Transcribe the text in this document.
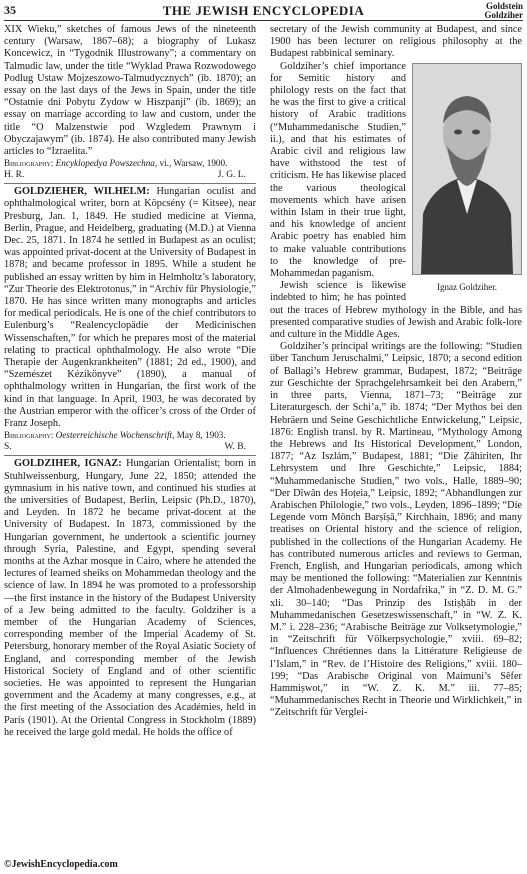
35	THE JEWISH ENCYCLOPEDIA	Goldstein
Goldziher

XIX Wieku,” sketches of famous Jews of the nineteenth century (Warsaw, 1867–68); a biography of Lukasz Koncewicz, in “Tygodnik Illustrowany”; a commentary on Talmudic law, under the title “Wyklad Prawa Rozwodowego Podlug Ustaw Mojzeszowo-Talmudycznych” (ib. 1870); an essay on the last days of the Jews in Spain, under the title “Ostatnie dni Pobytu Zydow w Hiszpanji” (ib. 1869); an essay on marriage according to law and custom, under the title “O Malzenstwie pod Wzgledem Prawnym i Obyczajawym” (ib. 1874). He also contributed many Jewish articles to “Izraelita.”

Bibliography: Encyklopedya Powszechna, vi., Warsaw, 1900.

H. R.	J. G. L.

GOLDZIEHER, WILHELM: Hungarian oculist and ophthalmological writer, born at Köpcsény (= Kitsee), near Presburg, Jan. 1, 1849. He studied medicine at Vienna, Berlin, Prague, and Heidelberg, graduating (M.D.) at Vienna Dec. 25, 1871. In 1874 he settled in Budapest as an oculist; was appointed privat-docent at the University of Budapest in 1878; and became professor in 1895. While a student he published an essay written by him in Helmholtz’s laboratory, “Zur Theorie des Elektrotonus,” in “Archiv für Physiologie,” 1870. He has since written many monographs and articles for medical periodicals. He is one of the chief contributors to Eulenburg’s “Realencyclopädie der Medicinischen Wissenschaften,” for which he prepares most of the material relating to practical ophthalmology. He also wrote “Die Therapie der Augenkrankheiten” (1881; 2d ed., 1900), and “Szemészet Kézikönyve” (1890), a manual of ophthalmology written in Hungarian, the first work of the kind in that language. In April, 1903, he was decorated by the Austrian emperor with the officer’s cross of the Order of Franz Joseph.

Bibliography: Oesterreichische Wochenschrift, May 8, 1903.

S.	W. B.

GOLDZIHER, IGNAZ: Hungarian Orientalist; born in Stuhlweissenburg, Hungary, June 22, 1850; attended the gymnasium in his native town, and continued his studies at the universities of Budapest, Berlin, Leipsic (Ph.D., 1870), and Leyden. In 1872 he became privat-docent at the University of Budapest. In 1873, commissioned by the Hungarian government, he undertook a scientific journey through Syria, Palestine, and Egypt, spending several months at the Azhar mosque in Cairo, where he attended the lectures of learned sheiks on Mohammedan theology and the science of law. In 1894 he was promoted to a professorship—the first instance in the history of the Budapest University of a Jew being admitted to the faculty. Goldziher is a member of the Hungarian Academy of Sciences, corresponding member of the Imperial Academy of St. Petersburg, honorary member of the Royal Asiatic Society of England, and corresponding member of the Jewish Historical Society of England and of other scientific societies. He was appointed to represent the Hungarian government and the Academy at many congresses, e.g., at the first meeting of the Association des Académies, held in Paris (1901). At the Oriental Congress in Stockholm (1889) he received the large gold medal. He holds the office of

secretary of the Jewish community at Budapest, and since 1900 has been lecturer on religious philosophy at the Budapest rabbinical seminary.

Ignaz Goldziher.

Goldziher’s chief importance for Semitic history and philology rests on the fact that he was the first to give a critical history of Arabic traditions (“Muhammedanische Studien,” ii.), and that his estimates of Arabic civil and religious law have withstood the test of criticism. He has likewise placed the various theological movements which have arisen within Islam in their true light, and his knowledge of ancient Arabic poetry has enabled him to make valuable contributions to the knowledge of pre-Mohammedan paganism.

Jewish science is likewise indebted to him; he has pointed out the traces of Hebrew mythology in the Bible, and has presented comparative studies of Jewish and Arabic folk-lore and culture in the Middle Ages.

Goldziher’s principal writings are the following: “Studien über Tanchum Jeruschalmi,” Leipsic, 1870; a second edition of Ballagi’s Hebrew grammar, Budapest, 1872; “Beiträge zur Geschichte der Sprachgelehrsamkeit bei den Arabern,” in three parts, Vienna, 1871–73; “Beiträge zur Literaturgesch. der Schi’a,” ib. 1874; “Der Mythos bei den Hebräern und Seine Geschichtliche Entwickelung,” Leipsic, 1876: English transl. by R. Martineau, “Mythology Among the Hebrews and Its Historical Development,” London, 1877; “Az Iszlám,” Budapest, 1881; “Die Ẓâhiriten, Ihr Lehrsystem und Ihre Geschichte,” Leipsic, 1884; “Muhammedanische Studien,” two vols., Halle, 1889–90; “Der Dîwân des Hoṭeia,” Leipsic, 1892; “Abhandlungen zur Arabischen Philologie,” two vols., Leyden, 1896–1899; “Die Legende vom Mönch Barṣîṣâ,” Kirchhain, 1896; and many treatises on Oriental history and the science of religion, published in the collections of the Hungarian Academy. He has contributed numerous articles and reviews to German, French, English, and Hungarian periodicals, among which may be mentioned the following: “Materialien zur Kenntnis der Almohadenbewegung in Nordafrika,” in “Z. D. M. G.” xli. 30–140; “Das Prinzip des Istiṣḥâb in der Muhammedanischen Gesetzeswissenschaft,” in “W. Z. K. M.” i. 228–236; “Arabische Beiträge zur Volksetymologie,” in “Zeitschrift für Völkerpsychologie,” xviii. 69–82; “Influences Chrétiennes dans la Littérature Religieuse de l’Islam,” in “Rev. de l’Histoire des Religions,” xviii. 180–199; “Das Arabische Original von Maimuni’s Sêfer Hammiṣwot,” in “W. Z. K. M.” iii. 77–85; “Muhammedanisches Recht in Theorie und Wirklichkeit,” in “Zeitschrift für Verglei-

©JewishEncyclopedia.com
